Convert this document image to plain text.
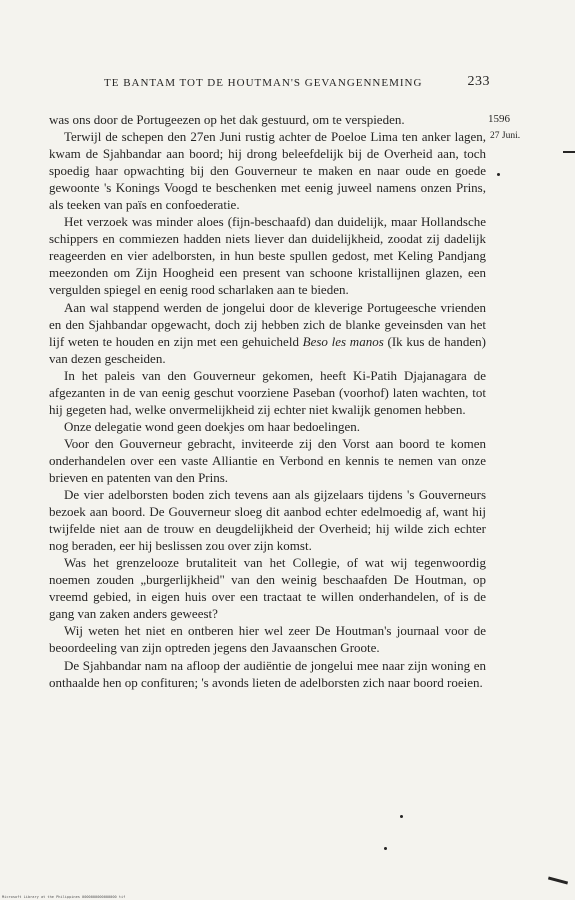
TE BANTAM TOT DE HOUTMAN'S GEVANGENNEMING	233
1596
27 Juni.

was ons door de Portugeezen op het dak gestuurd, om te verspieden.

Terwijl de schepen den 27en Juni rustig achter de Poeloe Lima ten anker lagen, kwam de Sjahbandar aan boord; hij drong beleefdelijk bij de Overheid aan, toch spoedig haar opwachting bij den Gouverneur te maken en naar oude en goede gewoonte 's Konings Voogd te beschenken met eenig juweel namens onzen Prins, als teeken van païs en confoederatie.

Het verzoek was minder aloes (fijn-beschaafd) dan duidelijk, maar Hollandsche schippers en commiezen hadden niets liever dan duidelijkheid, zoodat zij dadelijk reageerden en vier adelborsten, in hun beste spullen gedost, met Keling Pandjang meezonden om Zijn Hoogheid een present van schoone kristallijnen glazen, een vergulden spiegel en eenig rood scharlaken aan te bieden.

Aan wal stappend werden de jongelui door de kleverige Portugeesche vrienden en den Sjahbandar opgewacht, doch zij hebben zich de blanke geveinsden van het lijf weten te houden en zijn met een gehuicheld Beso les manos (Ik kus de handen) van dezen gescheiden.

In het paleis van den Gouverneur gekomen, heeft Ki-Patih Djajanagara de afgezanten in de van eenig geschut voorziene Paseban (voorhof) laten wachten, tot hij gegeten had, welke onvermelijkheid zij echter niet kwalijk genomen hebben.

Onze delegatie wond geen doekjes om haar bedoelingen.

Voor den Gouverneur gebracht, inviteerde zij den Vorst aan boord te komen onderhandelen over een vaste Alliantie en Verbond en kennis te nemen van onze brieven en patenten van den Prins.

De vier adelborsten boden zich tevens aan als gijzelaars tijdens 's Gouverneurs bezoek aan boord. De Gouverneur sloeg dit aanbod echter edelmoedig af, want hij twijfelde niet aan de trouw en deugdelijkheid der Overheid; hij wilde zich echter nog beraden, eer hij beslissen zou over zijn komst.

Was het grenzelooze brutaliteit van het Collegie, of wat wij tegenwoordig noemen zouden „burgerlijkheid" van den weinig beschaafden De Houtman, op vreemd gebied, in eigen huis over een tractaat te willen onderhandelen, of is de gang van zaken anders geweest?

Wij weten het niet en ontberen hier wel zeer De Houtman's journaal voor de beoordeeling van zijn optreden jegens den Javaanschen Groote.

De Sjahbandar nam na afloop der audiëntie de jongelui mee naar zijn woning en onthaalde hen op confituren; 's avonds lieten de adelborsten zich naar boord roeien.

Microsoft Library at the Philippines 0000000000000000 tif
